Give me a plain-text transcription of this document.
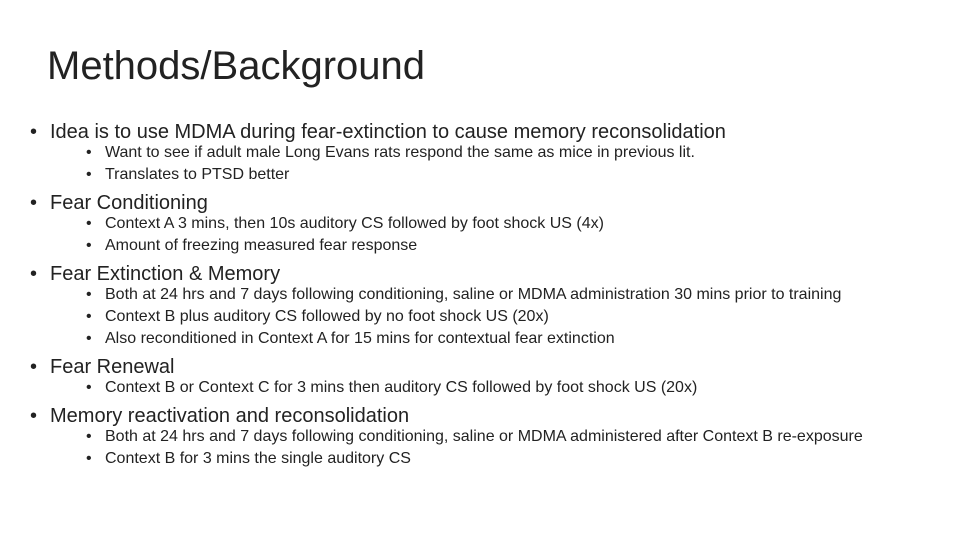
Methods/Background
• Idea is to use MDMA during fear-extinction to cause memory reconsolidation
• Want to see if adult male Long Evans rats respond the same as mice in previous lit.
• Translates to PTSD better
• Fear Conditioning
• Context A 3 mins, then 10s auditory CS followed by foot shock US (4x)
• Amount of freezing measured fear response
• Fear Extinction & Memory
• Both at 24 hrs and 7 days following conditioning, saline or MDMA administration 30 mins prior to training
• Context B plus auditory CS followed by no foot shock US (20x)
• Also reconditioned in Context A for 15 mins for contextual fear extinction
• Fear Renewal
• Context B or Context C for 3 mins then auditory CS followed by foot shock US (20x)
• Memory reactivation and reconsolidation
• Both at 24 hrs and 7 days following conditioning, saline or MDMA administered after Context B re-exposure
• Context B for 3 mins the single auditory CS
